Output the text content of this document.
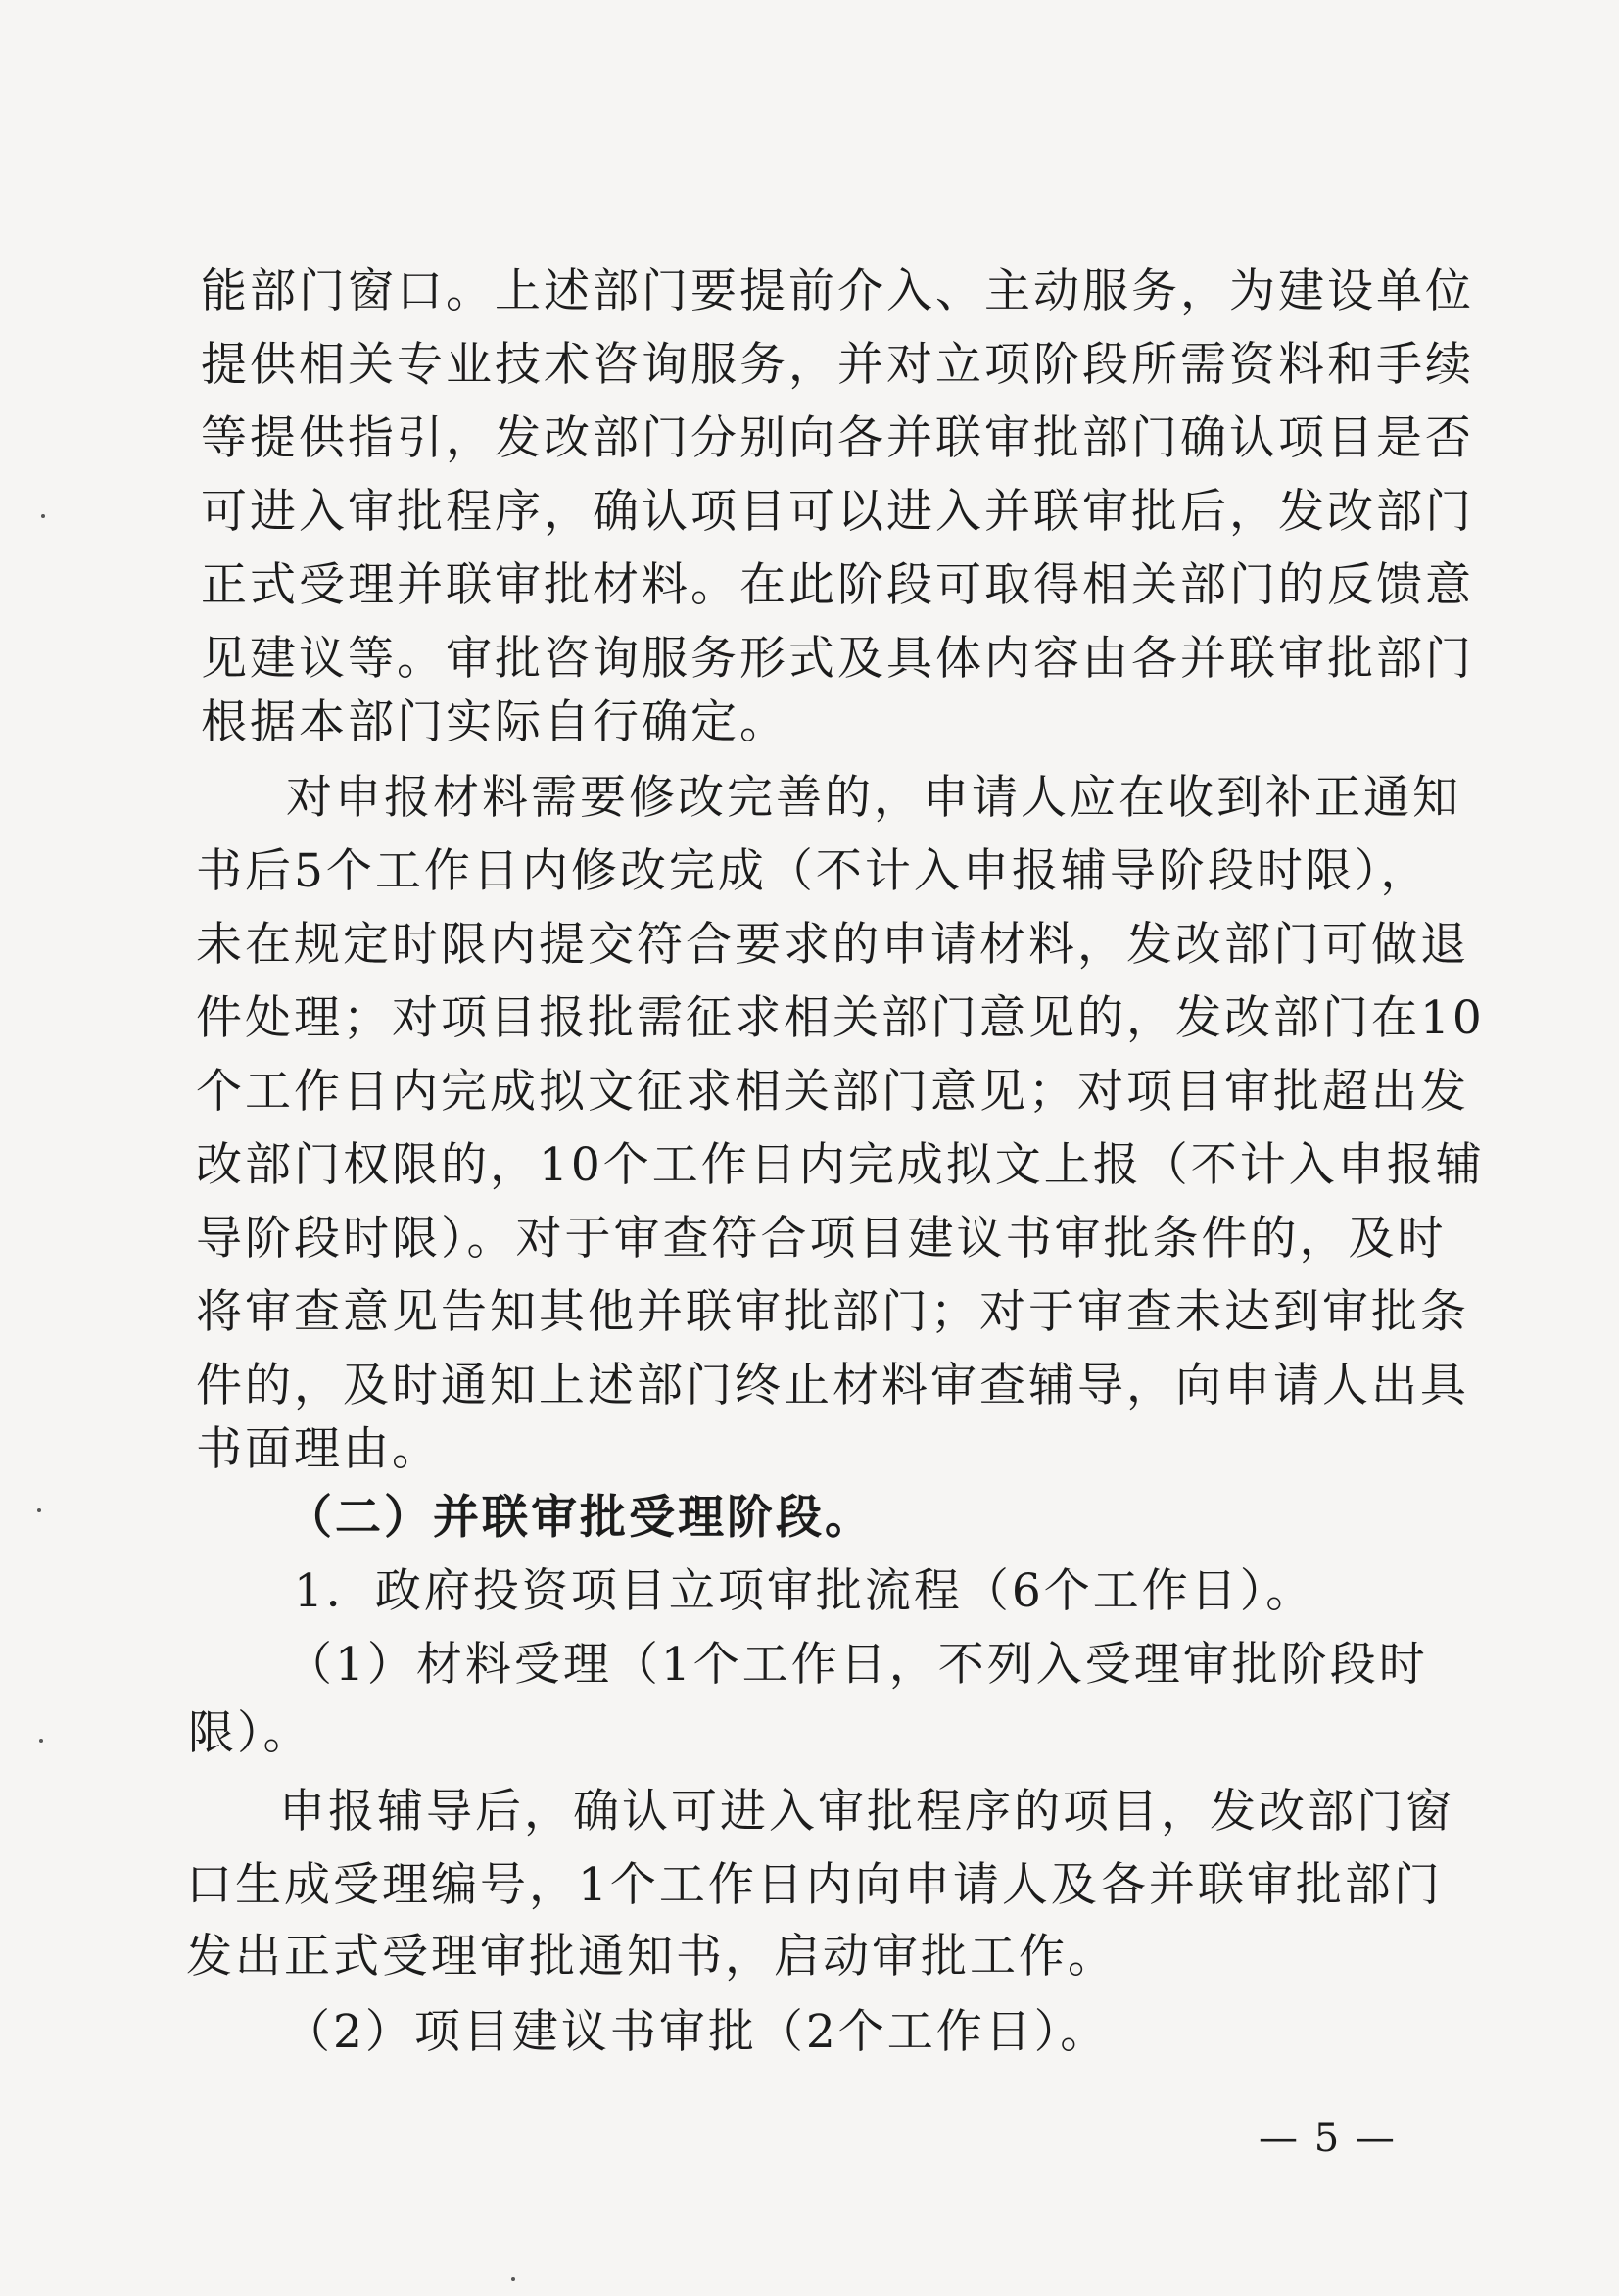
能部门窗口。上述部门要提前介入、主动服务，为建设单位
提供相关专业技术咨询服务，并对立项阶段所需资料和手续
等提供指引，发改部门分别向各并联审批部门确认项目是否
可进入审批程序，确认项目可以进入并联审批后，发改部门
正式受理并联审批材料。在此阶段可取得相关部门的反馈意
见建议等。审批咨询服务形式及具体内容由各并联审批部门
根据本部门实际自行确定。
对申报材料需要修改完善的，申请人应在收到补正通知
书后5个工作日内修改完成（不计入申报辅导阶段时限），
未在规定时限内提交符合要求的申请材料，发改部门可做退
件处理；对项目报批需征求相关部门意见的，发改部门在10
个工作日内完成拟文征求相关部门意见；对项目审批超出发
改部门权限的，10个工作日内完成拟文上报（不计入申报辅
导阶段时限）。对于审查符合项目建议书审批条件的，及时
将审查意见告知其他并联审批部门；对于审查未达到审批条
件的，及时通知上述部门终止材料审查辅导，向申请人出具
书面理由。
（二）并联审批受理阶段。
1．政府投资项目立项审批流程（6个工作日）。
（1）材料受理（1个工作日，不列入受理审批阶段时
限）。
申报辅导后，确认可进入审批程序的项目，发改部门窗
口生成受理编号，1个工作日内向申请人及各并联审批部门
发出正式受理审批通知书，启动审批工作。
（2）项目建议书审批（2个工作日）。
— 5 —
